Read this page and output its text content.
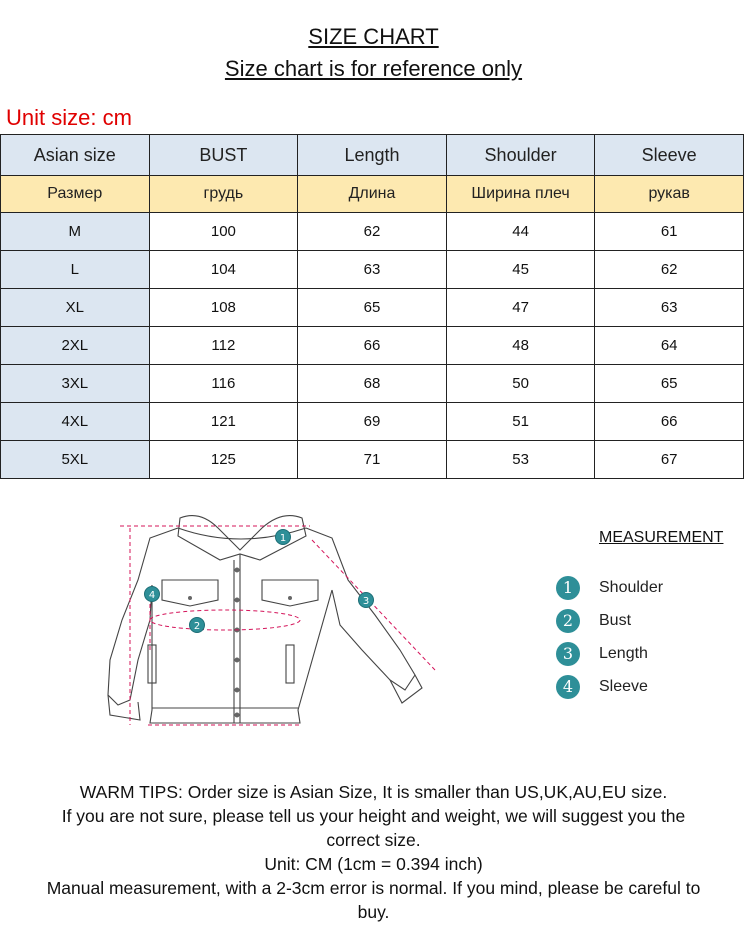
SIZE CHART
Size chart is for reference only
Unit size: cm
Asian size	BUST	Length	Shoulder	Sleeve
Размер	грудь	Длина	Ширина плеч	рукав
M	100	62	44	61
L	104	63	45	62
XL	108	65	47	63
2XL	112	66	48	64
3XL	116	68	50	65
4XL	121	69	51	66
5XL	125	71	53	67
1
2
3
4
MEASUREMENT
1	Shoulder
2	Bust
3	Length
4	Sleeve
WARM TIPS: Order size is Asian Size, It is smaller than US,UK,AU,EU size.
If you are not sure, please tell us your height and weight, we will suggest you the
correct size.
Unit: CM (1cm = 0.394 inch)
Manual measurement, with a 2-3cm error is normal. If you mind, please be careful to
buy.
